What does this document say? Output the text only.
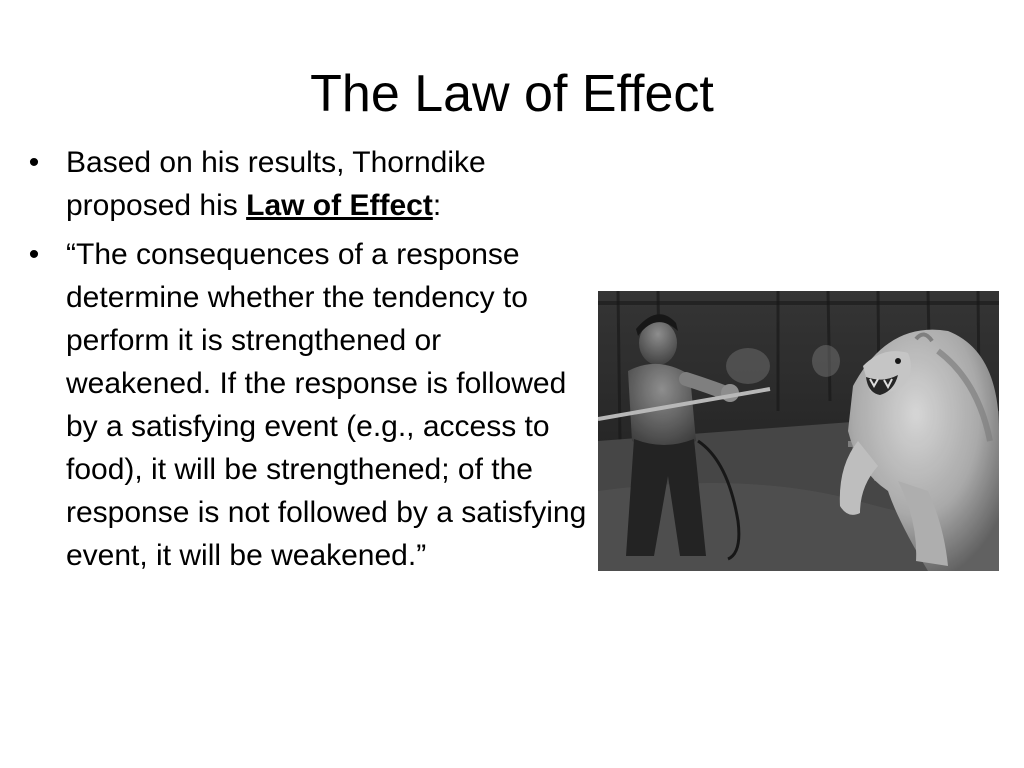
The Law of Effect
• Based on his results, Thorndike proposed his Law of Effect:
• “The consequences of a response determine whether the tendency to perform it is strengthened or weakened. If the response is followed by a satisfying event (e.g., access to food), it will be strengthened; of the response is not followed by a satisfying event, it will be weakened.”
